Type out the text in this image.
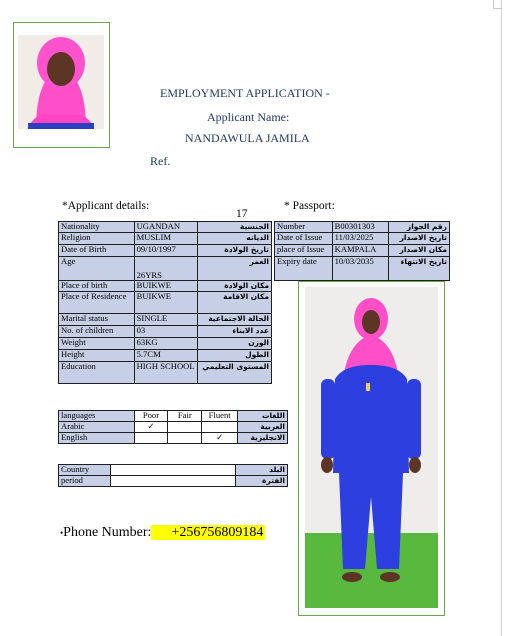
EMPLOYMENT APPLICATION -
Applicant Name:
NANDAWULA JAMILA
Ref.
*Applicant details:	* Passport:
17
Nationality	UGANDAN	الجنسية
Religion	MUSLIM	الديانه
Date of Birth	09/10/1997	تاريخ الولادة
Age	26YRS	العمر
Place of birth	BUIKWE	مكان الولادة
Place of Residence	BUIKWE	مكان الاقامة
Marital status	SINGLE	الحالة الاجتماعية
No. of children	03	عدد الابناء
Weight	63KG	الوزن
Height	5.7CM	الطول
Education	HIGH SCHOOL	المستوى التعليمي
Number	B00301303	رقم الجواز
Date of Issue	11/03/2025	تاريخ الاصدار
place of Issue	KAMPALA	مكان الاصدار
Expiry date	10/03/2035	تاريخ الانتهاء
languages	Poor	Fair	Fluent	اللغات
Arabic	✓			العربية
English			✓	الانجليزية
Country		البلد
period		الفترة
•Phone Number: +256756809184
